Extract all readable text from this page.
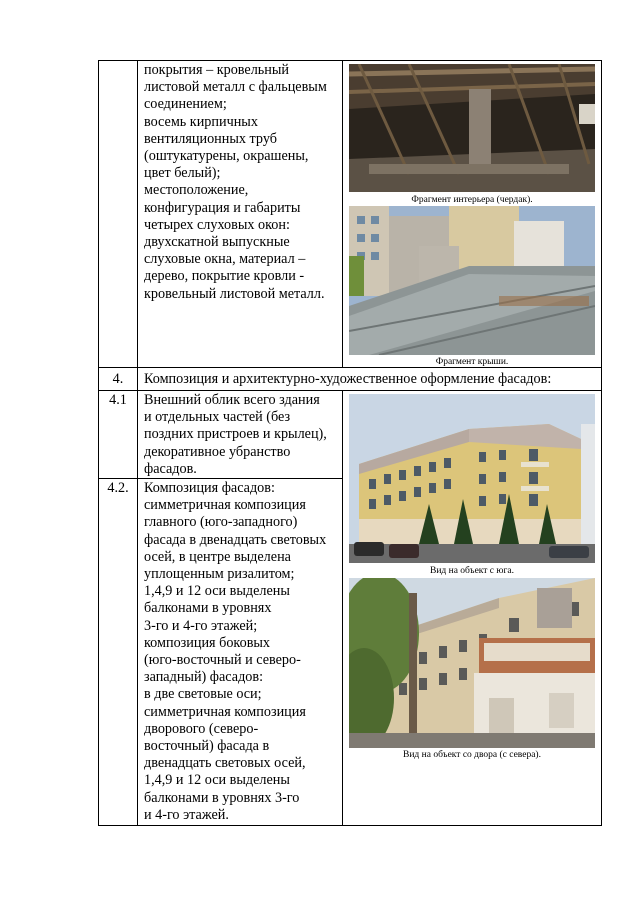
покрытия – кровельный
листовой металл с фальцевым
соединением;
восемь кирпичных
вентиляционных труб
(оштукатурены, окрашены,
цвет белый);
местоположение,
конфигурация и габариты
четырех слуховых окон:
двухскатной выпускные
слуховые окна, материал –
дерево, покрытие кровли -
кровельный листовой металл.
Фрагмент интерьера (чердак).
Фрагмент крыши.
4.	Композиция и архитектурно-художественное оформление фасадов:
4.1	Внешний облик всего здания
и отдельных частей (без
поздних пристроев и крылец),
декоративное убранство
фасадов.
4.2.	Композиция фасадов:
симметричная композиция
главного (юго-западного)
фасада в двенадцать световых
осей, в центре выделена
уплощенным ризалитом;
1,4,9 и 12 оси выделены
балконами в уровнях
3-го и 4-го этажей;
композиция боковых
(юго-восточный и северо-
западный) фасадов:
в две световые оси;
симметричная композиция
дворового (северо-
восточный) фасада в
двенадцать световых осей,
1,4,9 и 12 оси выделены
балконами в уровнях 3-го
и 4-го этажей.
Вид на объект с юга.
Вид на объект со двора (с севера).
